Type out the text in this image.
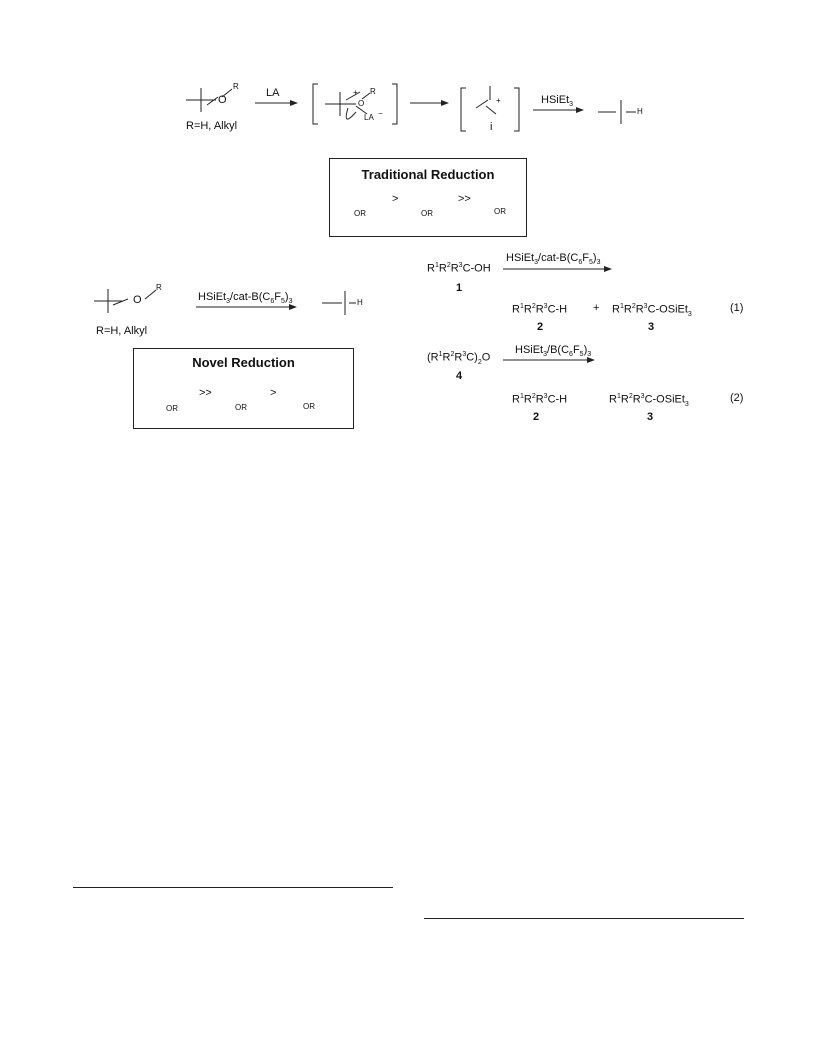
O
R
LA
R=H, Alkyl
O
R
+
LA −
+
i
HSiEt$_3$
H
Traditional Reduction
OR
>
OR
>>
OR
O
R
$HSiEt_3/cat-B(C_6F_5)_3$	H
R=H, Alkyl
Novel Reduction
OR
>>
OR
>
OR
$R^1R^2R^3C-OH$
1
$HSiEt_3/cat-B(C_6F_5)_3$
$R^1R^2R^3C-H$
2
+ $R^1R^2R^3C-OSiEt_3$
3
(1)
$(R^1R^2R^3C)_2O$
4
$HSiEt_3/B(C_6F_5)_3$
$R^1R^2R^3C-H$
2
$R^1R^2R^3C-OSiEt_3$
3
(2)
